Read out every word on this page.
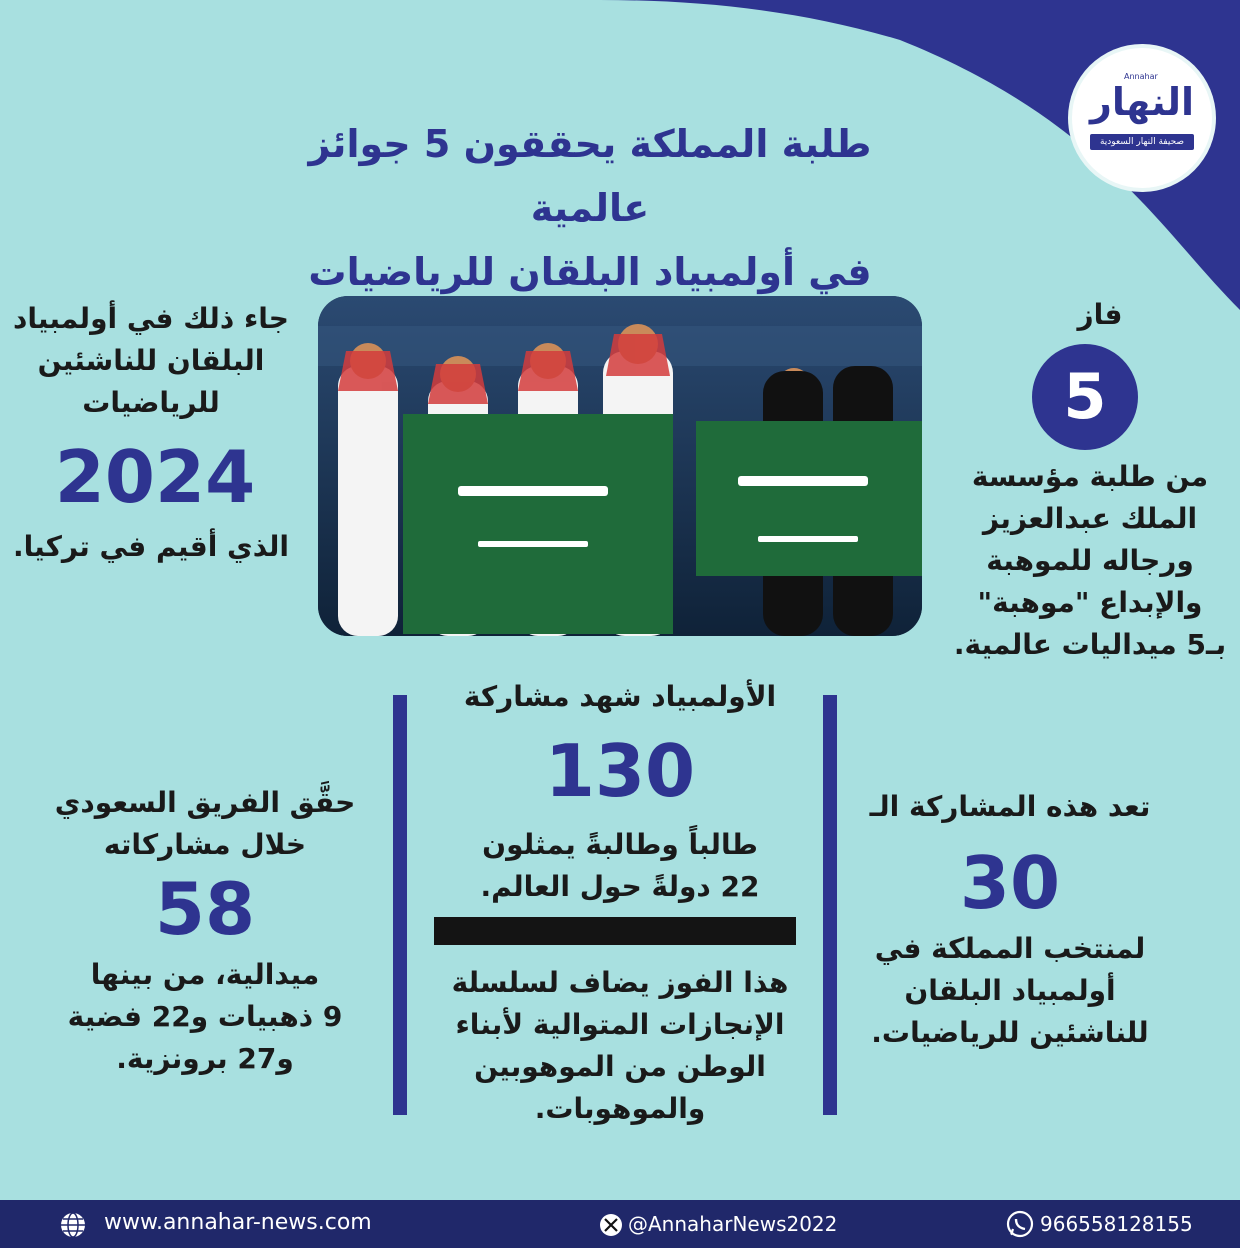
النهار
صحيفة النهار السعودية
Annahar
طلبة المملكة يحققون 5 جوائز عالمية
في أولمبياد البلقان للرياضيات
فاز
5
من طلبة مؤسسة
الملك عبدالعزيز
ورجاله للموهبة
والإبداع "موهبة"
بـ5 ميداليات عالمية.
جاء ذلك في أولمبياد
البلقان للناشئين
للرياضيات
2024
الذي أقيم في تركيا.
الأولمبياد شهد مشاركة
130
طالباً وطالبةً يمثلون
22 دولةً حول العالم.
هذا الفوز يضاف لسلسلة
الإنجازات المتوالية لأبناء
الوطن من الموهوبين
والموهوبات.
تعد هذه المشاركة الـ
30
لمنتخب المملكة في
أولمبياد البلقان
للناشئين للرياضيات.
حقَّق الفريق السعودي
خلال مشاركاته
58
ميدالية، من بينها
9 ذهبيات و22 فضية
و27 برونزية.
www.annahar-news.com	@AnnaharNews2022	966558128155
